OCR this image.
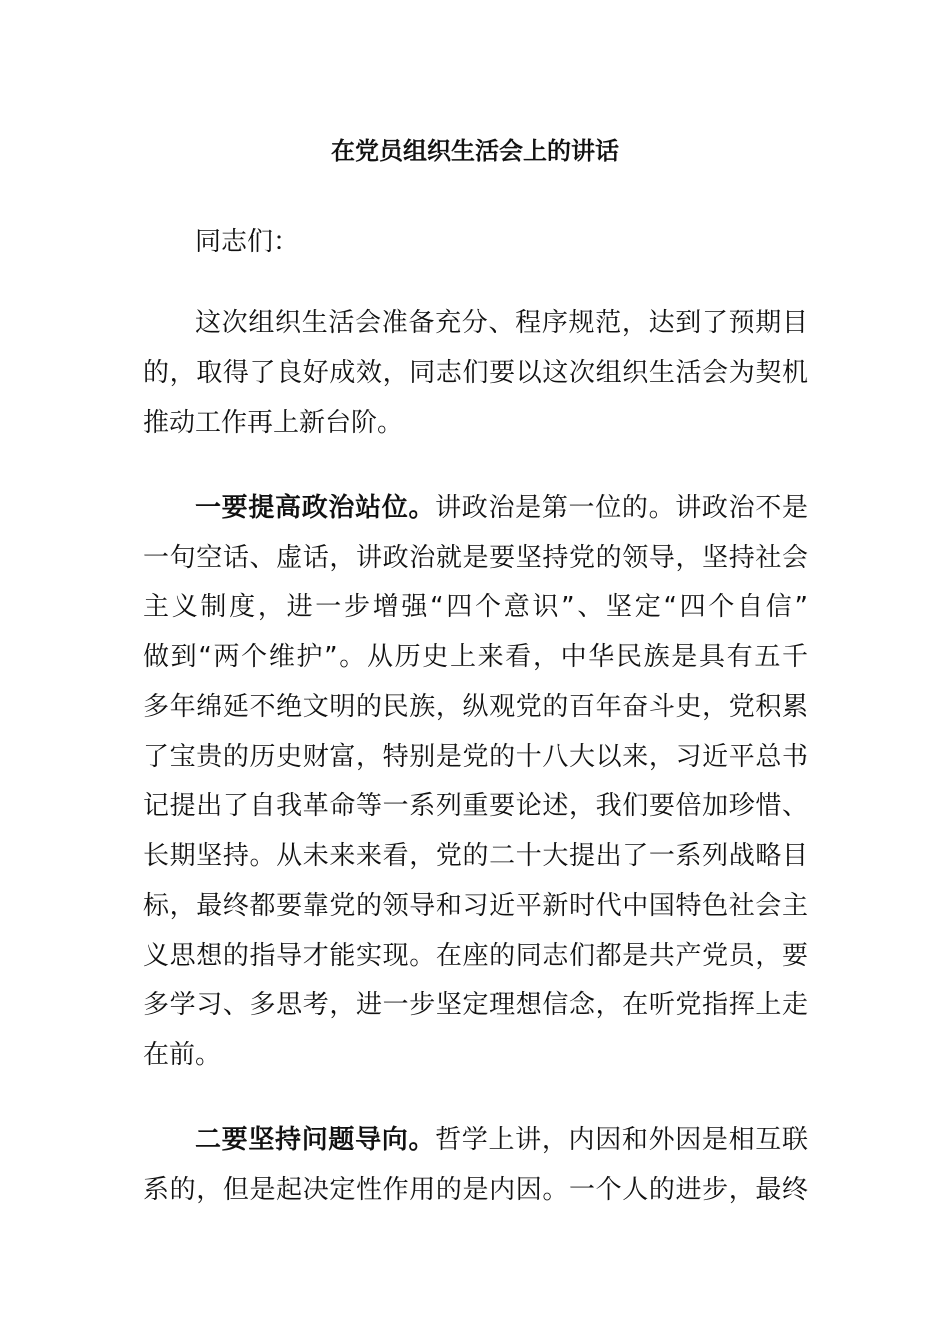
在党员组织生活会上的讲话
同志们：
这次组织生活会准备充分、程序规范，达到了预期目
的，取得了良好成效，同志们要以这次组织生活会为契机
推动工作再上新台阶。
一要提高政治站位。讲政治是第一位的。讲政治不是
一句空话、虚话，讲政治就是要坚持党的领导，坚持社会
主义制度，进一步增强“四个意识”、坚定“四个自信”
做到“两个维护”。从历史上来看，中华民族是具有五千
多年绵延不绝文明的民族，纵观党的百年奋斗史，党积累
了宝贵的历史财富，特别是党的十八大以来，习近平总书
记提出了自我革命等一系列重要论述，我们要倍加珍惜、
长期坚持。从未来来看，党的二十大提出了一系列战略目
标，最终都要靠党的领导和习近平新时代中国特色社会主
义思想的指导才能实现。在座的同志们都是共产党员，要
多学习、多思考，进一步坚定理想信念，在听党指挥上走
在前。
二要坚持问题导向。哲学上讲，内因和外因是相互联
系的，但是起决定性作用的是内因。一个人的进步，最终
